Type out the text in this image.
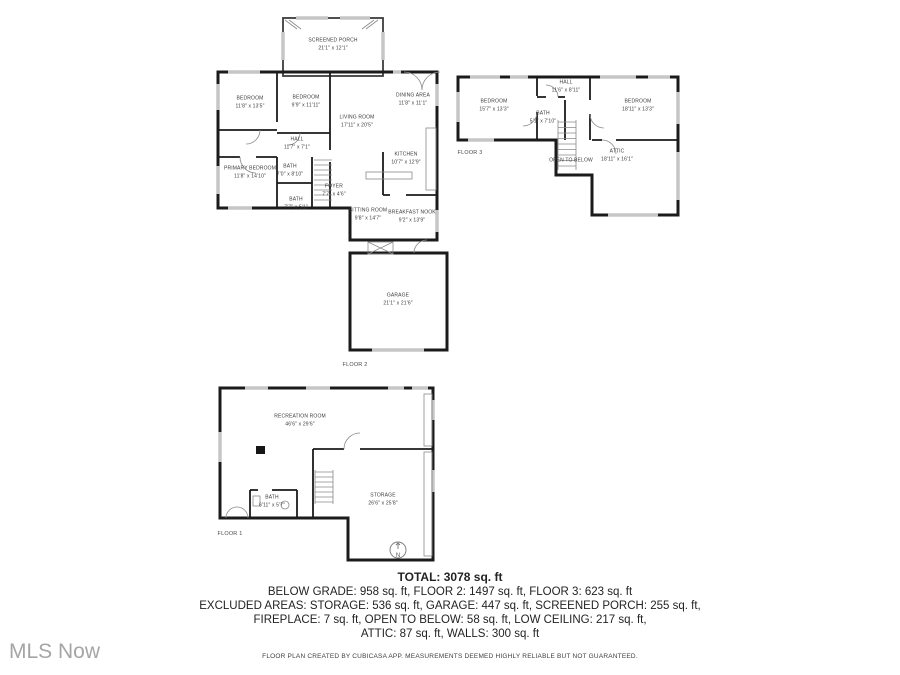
N
SCREENED PORCH
21'1" x 12'1"
BEDROOM
11'8" x 13'5"
BEDROOM
9'9" x 11'11"
DINING AREA
11'8" x 11'1"
LIVING ROOM
17'11" x 20'5"
HALL
11'7" x 7'1"
PRIMARY BEDROOM
11'8" x 14'10"
BATH
7'0" x 8'10"
KITCHEN
10'7" x 12'9"
FOYER
7'7" x 4'6"
BATH
7'7" x 5'1"
SITTING ROOM
9'8" x 14'7"
BREAKFAST NOOK
9'2" x 13'9"
GARAGE
21'1" x 21'6"
FLOOR 2
BEDROOM
15'7" x 13'3"
HALL
11'6" x 8'11"
BATH
5'1" x 7'10"
BEDROOM
18'11" x 13'3"
OPEN TO BELOW
ATTIC
18'11" x 16'1"
FLOOR 3
RECREATION ROOM
46'6" x 29'6"
BATH
6'11" x 5'7"
STORAGE
26'6" x 25'8"
FLOOR 1
TOTAL: 3078 sq. ft
BELOW GRADE: 958 sq. ft, FLOOR 2: 1497 sq. ft, FLOOR 3: 623 sq. ft
EXCLUDED AREAS: STORAGE: 536 sq. ft, GARAGE: 447 sq. ft, SCREENED PORCH: 255 sq. ft,
FIREPLACE: 7 sq. ft, OPEN TO BELOW: 58 sq. ft, LOW CEILING: 217 sq. ft,
ATTIC: 87 sq. ft, WALLS: 300 sq. ft
FLOOR PLAN CREATED BY CUBICASA APP. MEASUREMENTS DEEMED HIGHLY RELIABLE BUT NOT GUARANTEED.
MLS Now
